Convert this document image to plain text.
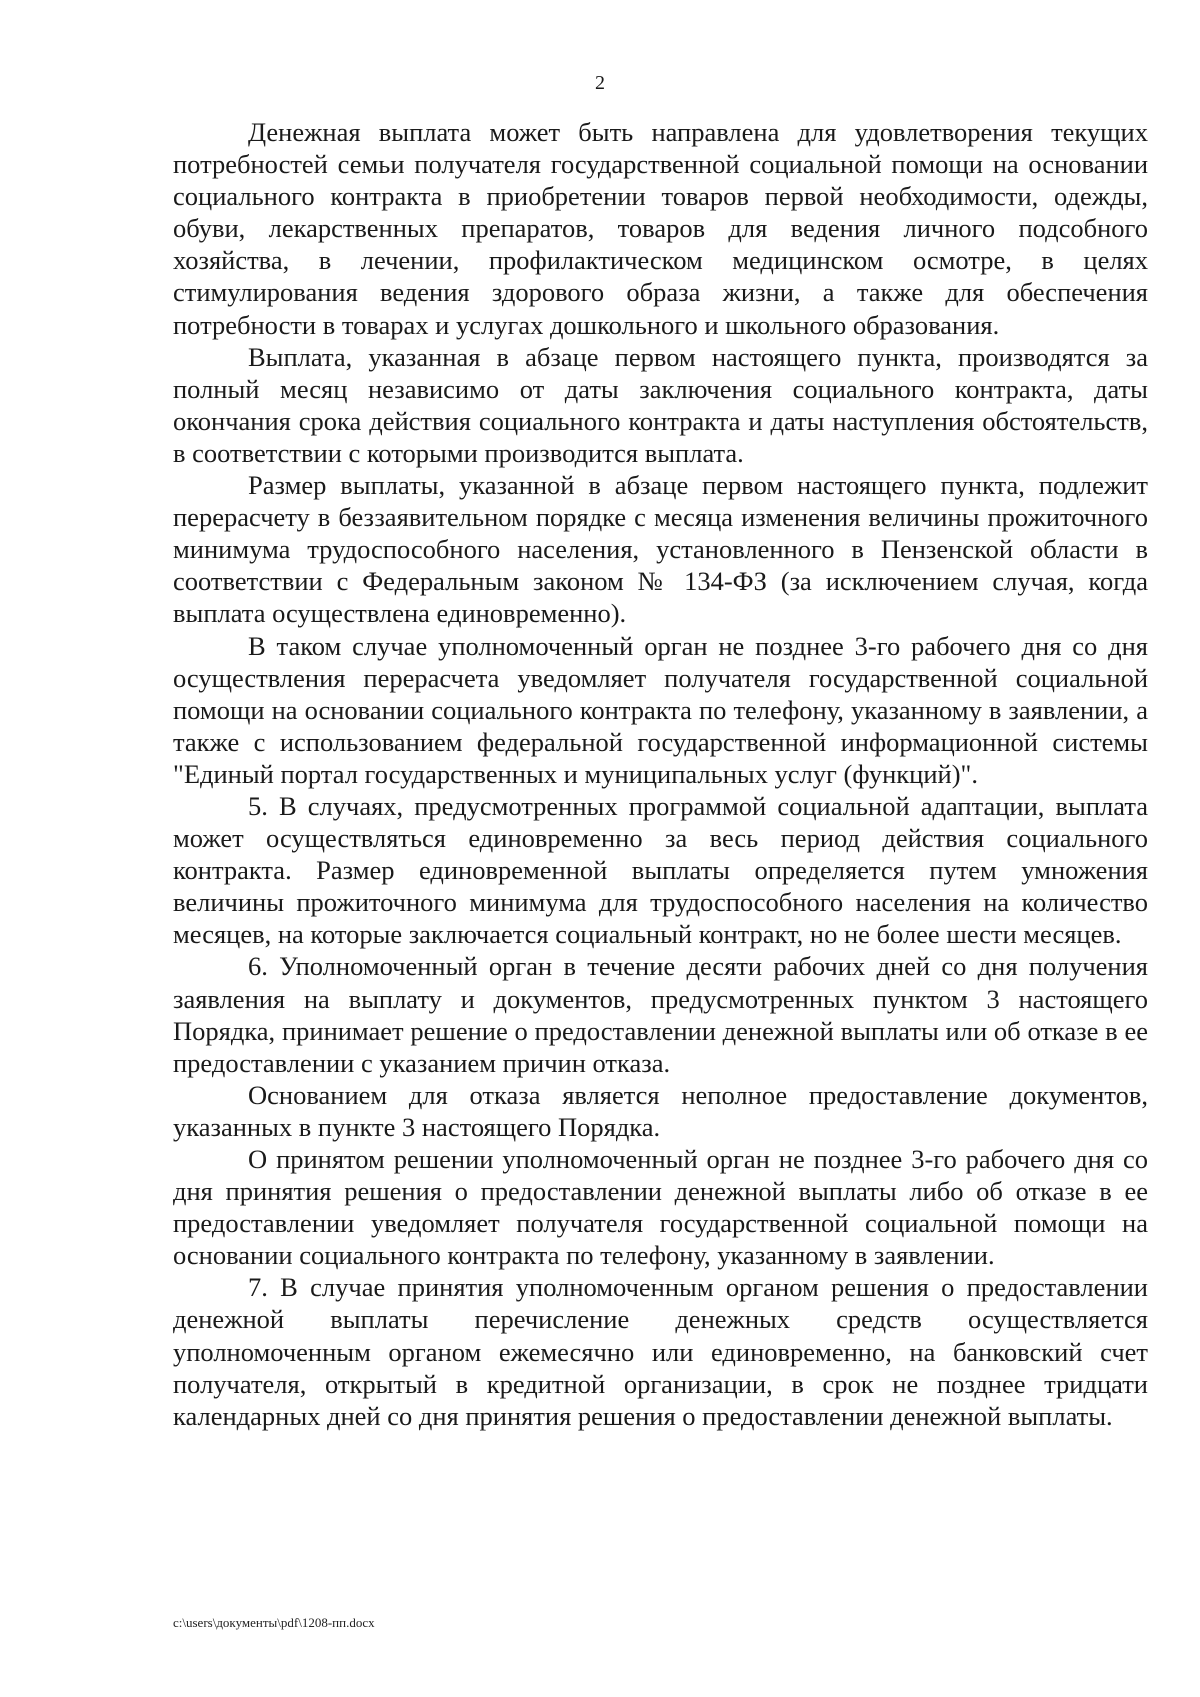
2

Денежная выплата может быть направлена для удовлетворения текущих потребностей семьи получателя государственной социальной помощи на основании социального контракта в приобретении товаров первой необходимости, одежды, обуви, лекарственных препаратов, товаров для ведения личного подсобного хозяйства, в лечении, профилактическом медицинском осмотре, в целях стимулирования ведения здорового образа жизни, а также для обеспечения потребности в товарах и услугах дошкольного и школьного образования.

Выплата, указанная в абзаце первом настоящего пункта, производятся за полный месяц независимо от даты заключения социального контракта, даты окончания срока действия социального контракта и даты наступления обстоятельств, в соответствии с которыми производится выплата.

Размер выплаты, указанной в абзаце первом настоящего пункта, подлежит перерасчету в беззаявительном порядке с месяца изменения величины прожиточного минимума трудоспособного населения, установленного в Пензенской области в соответствии с Федеральным законом № 134-ФЗ (за исключением случая, когда выплата осуществлена единовременно).

В таком случае уполномоченный орган не позднее 3-го рабочего дня со дня осуществления перерасчета уведомляет получателя государственной социальной помощи на основании социального контракта по телефону, указанному в заявлении, а также с использованием федеральной государственной информационной системы "Единый портал государственных и муниципальных услуг (функций)".

5. В случаях, предусмотренных программой социальной адаптации, выплата может осуществляться единовременно за весь период действия социального контракта. Размер единовременной выплаты определяется путем умножения величины прожиточного минимума для трудоспособного населения на количество месяцев, на которые заключается социальный контракт, но не более шести месяцев.

6. Уполномоченный орган в течение десяти рабочих дней со дня получения заявления на выплату и документов, предусмотренных пунктом 3 настоящего Порядка, принимает решение о предоставлении денежной выплаты или об отказе в ее предоставлении с указанием причин отказа.

Основанием для отказа является неполное предоставление документов, указанных в пункте 3 настоящего Порядка.

О принятом решении уполномоченный орган не позднее 3-го рабочего дня со дня принятия решения о предоставлении денежной выплаты либо об отказе в ее предоставлении уведомляет получателя государственной социальной помощи на основании социального контракта по телефону, указанному в заявлении.

7. В случае принятия уполномоченным органом решения о предоставлении денежной выплаты перечисление денежных средств осуществляется уполномоченным органом ежемесячно или единовременно, на банковский счет получателя, открытый в кредитной организации, в срок не позднее тридцати календарных дней со дня принятия решения о предоставлении денежной выплаты.

c:\users\документы\pdf\1208-пп.docx
